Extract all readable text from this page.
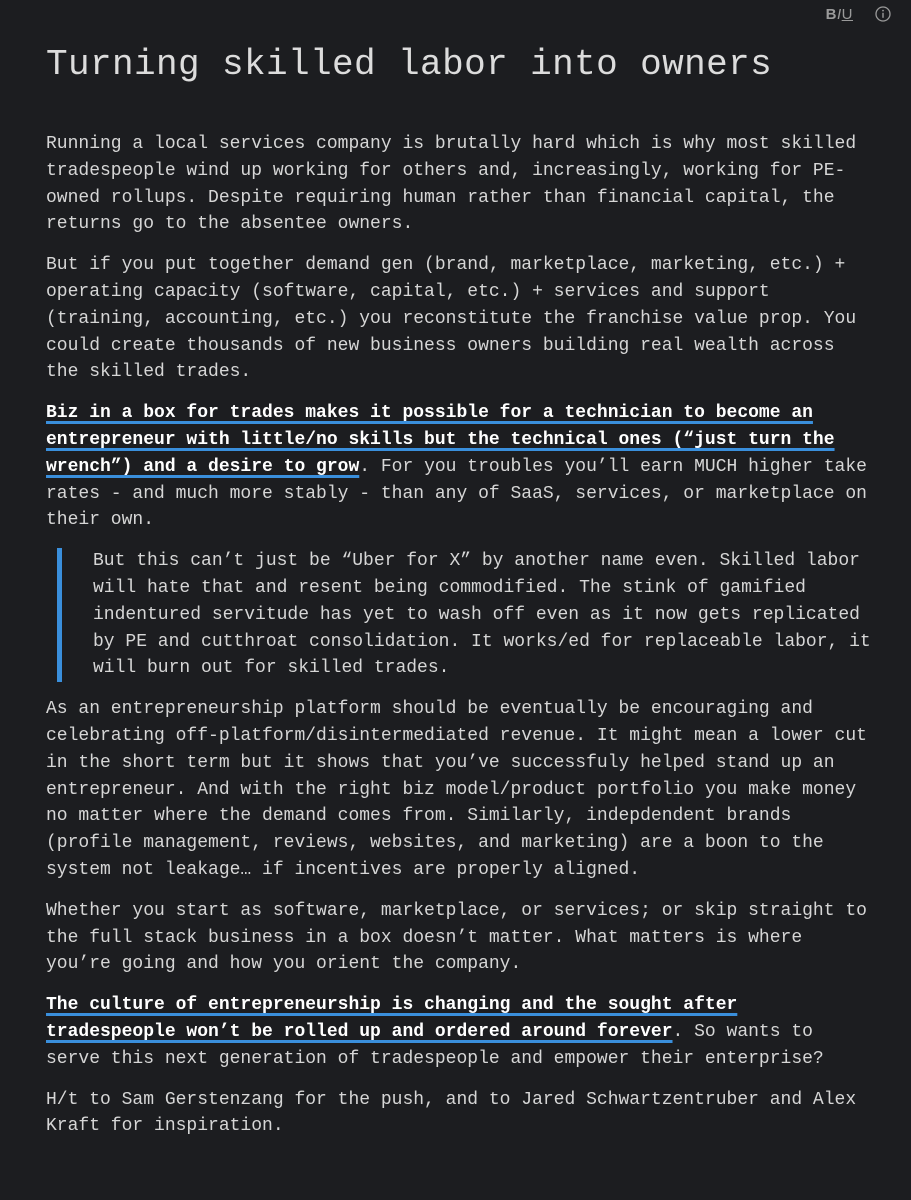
BIU
Turning skilled labor into owners

Running a local services company is brutally hard which is why most skilled tradespeople wind up working for others and, increasingly, working for PE-owned rollups. Despite requiring human rather than financial capital, the returns go to the absentee owners.

But if you put together demand gen (brand, marketplace, marketing, etc.) + operating capacity (software, capital, etc.) + services and support (training, accounting, etc.) you reconstitute the franchise value prop. You could create thousands of new business owners building real wealth across the skilled trades.

Biz in a box for trades makes it possible for a technician to become an entrepreneur with little/no skills but the technical ones (“just turn the wrench”) and a desire to grow. For you troubles you’ll earn MUCH higher take rates - and much more stably - than any of SaaS, services, or marketplace on their own.

But this can’t just be “Uber for X” by another name even. Skilled labor will hate that and resent being commodified. The stink of gamified indentured servitude has yet to wash off even as it now gets replicated by PE and cutthroat consolidation. It works/ed for replaceable labor, it will burn out for skilled trades.

As an entrepreneurship platform should be eventually be encouraging and celebrating off-platform/disintermediated revenue. It might mean a lower cut in the short term but it shows that you’ve successfuly helped stand up an entrepreneur. And with the right biz model/product portfolio you make money no matter where the demand comes from. Similarly, indepdendent brands (profile management, reviews, websites, and marketing) are a boon to the system not leakage… if incentives are properly aligned.

Whether you start as software, marketplace, or services; or skip straight to the full stack business in a box doesn’t matter. What matters is where you’re going and how you orient the company.

The culture of entrepreneurship is changing and the sought after tradespeople won’t be rolled up and ordered around forever. So wants to serve this next generation of tradespeople and empower their enterprise?

H/t to Sam Gerstenzang for the push, and to Jared Schwartzentruber and Alex Kraft for inspiration.
